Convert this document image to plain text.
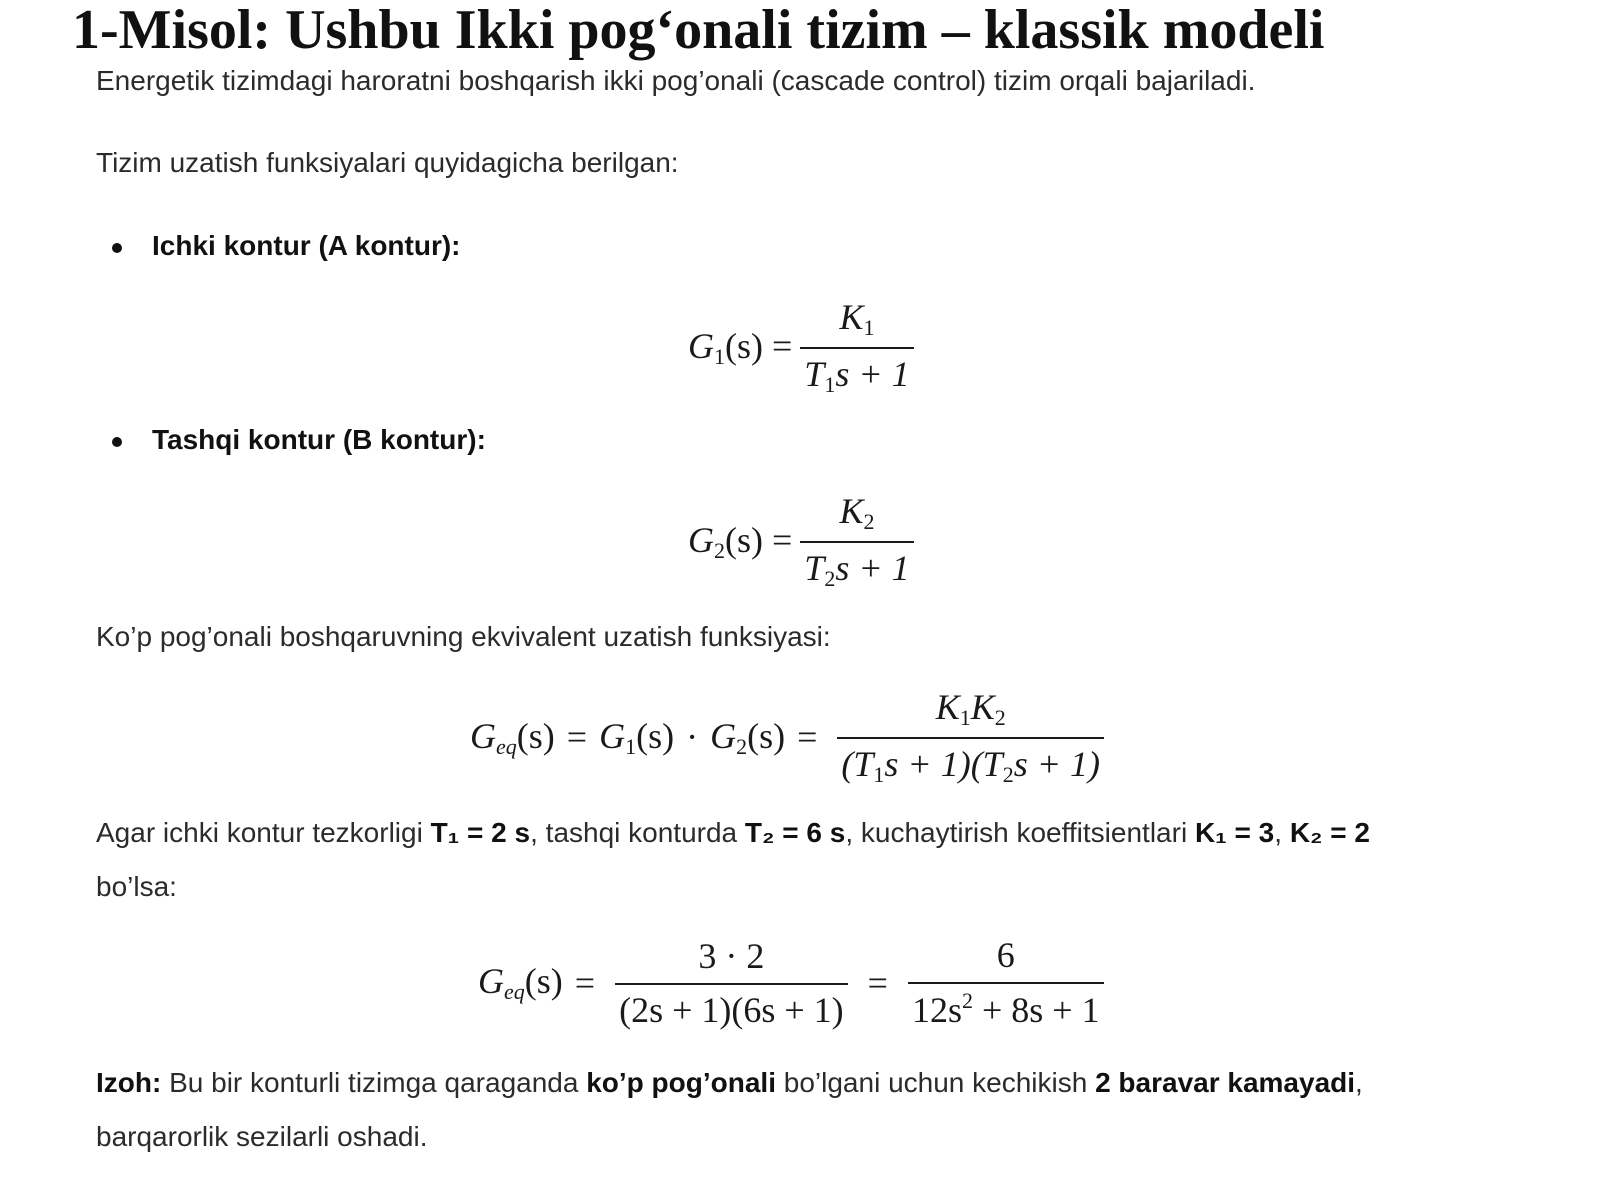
1-Misol: Ushbu Ikki pog‘onali tizim – klassik modeli

Energetik tizimdagi haroratni boshqarish ikki pog’onali (cascade control) tizim orqali bajariladi.

Tizim uzatish funksiyalari quyidagicha berilgan:

Ichki kontur (A kontur):
$G_1(s) = \frac{K_1}{T_1s + 1}$
Tashqi kontur (B kontur):
$G_2(s) = \frac{K_2}{T_2s + 1}$

Ko’p pog’onali boshqaruvning ekvivalent uzatish funksiyasi:

$G_{eq}(s) = G_1(s) \cdot G_2(s) = \frac{K_1K_2}{(T_1s + 1)(T_2s + 1)}$

Agar ichki kontur tezkorligi T₁ = 2 s, tashqi konturda T₂ = 6 s, kuchaytirish koeffitsientlari K₁ = 3, K₂ = 2

bo’lsa:

$G_{eq}(s) = \frac{3 \cdot 2}{(2s + 1)(6s + 1)} = \frac{6}{12s^2 + 8s + 1}$

Izoh: Bu bir konturli tizimga qaraganda ko’p pog’onali bo’lgani uchun kechikish 2 baravar kamayadi,

barqarorlik sezilarli oshadi.
